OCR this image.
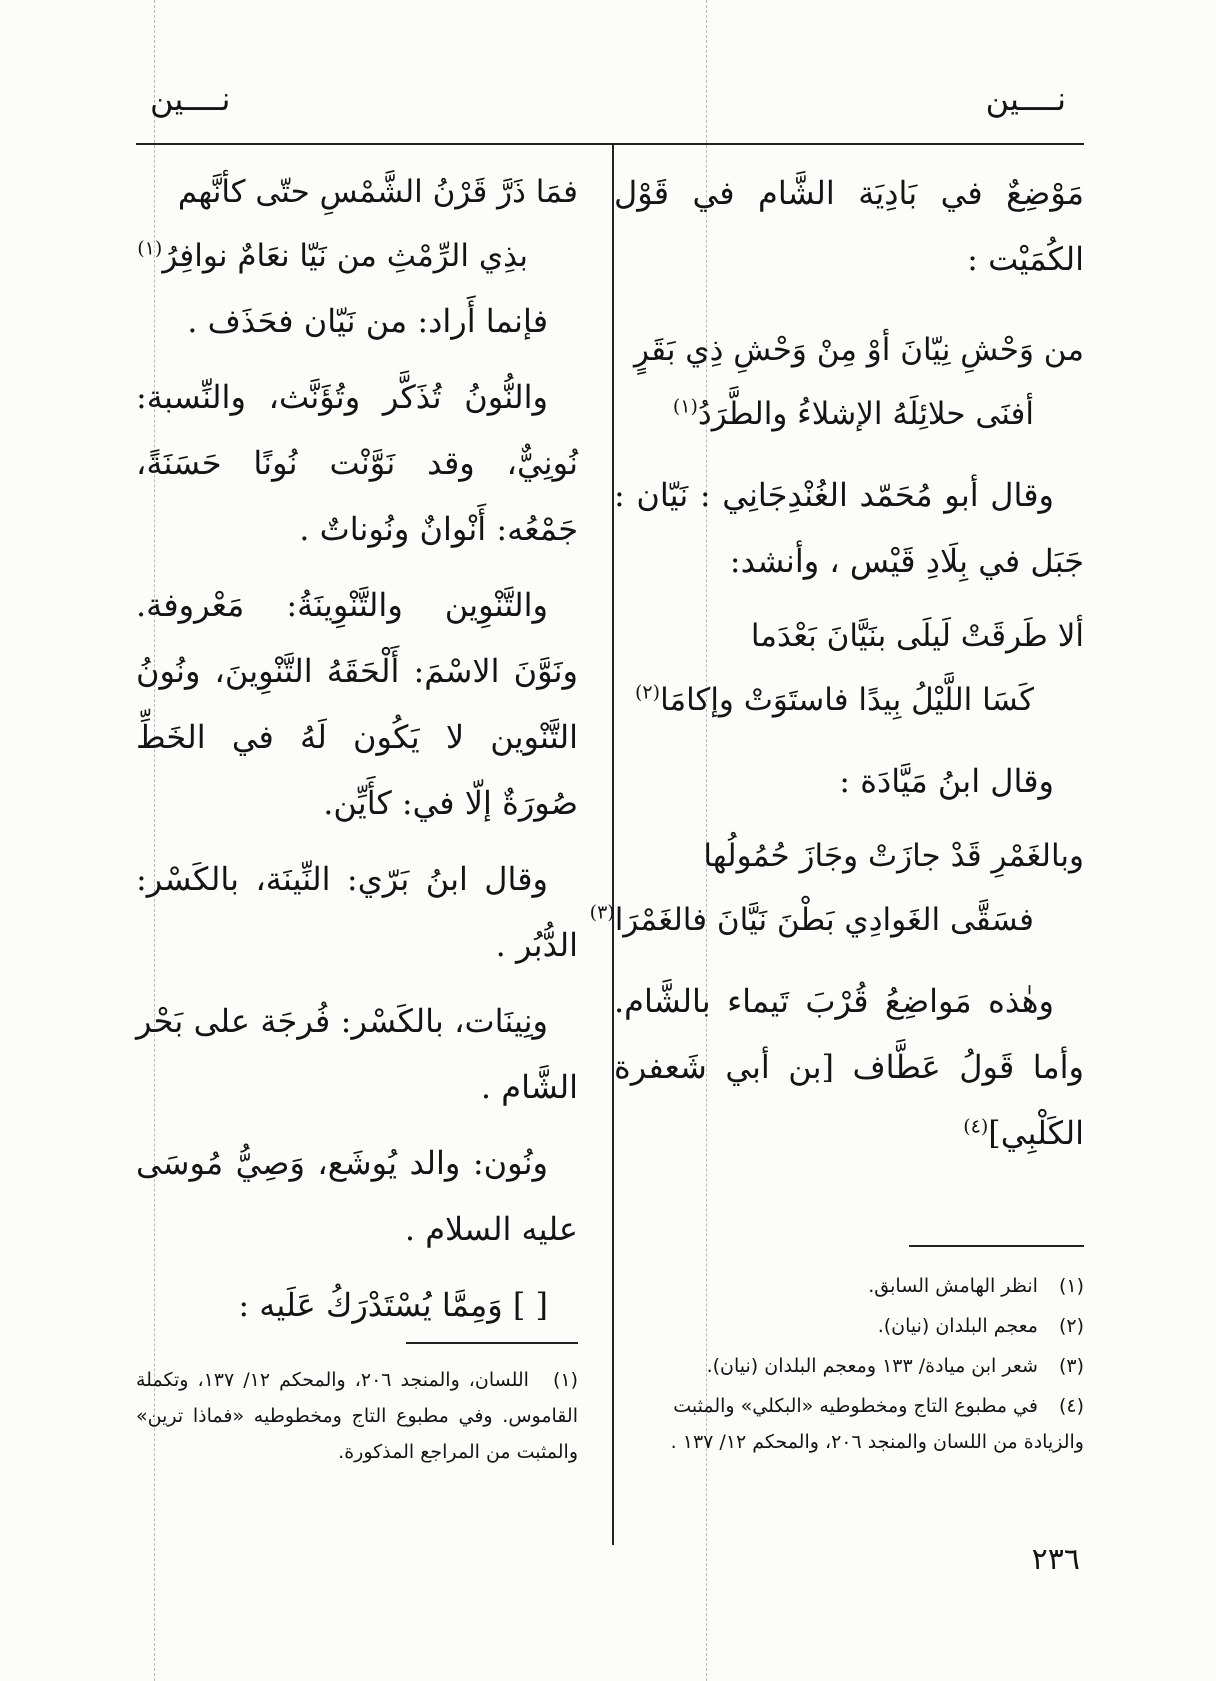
نــــين
نــــين

مَوْضِعٌ في بَادِيَة الشَّام في قَوْل الكُمَيْت :

من وَحْشِ نِيّانَ أوْ مِنْ وَحْشِ ذِي بَقَرٍ

أفنَى حلائِلَهُ الإشلاءُ والطَّرَدُ$^{(١)}$

وقال أبو مُحَمّد الغُنْدِجَانِي : نَيّان : جَبَل في بِلَادِ قَيْس ، وأنشد:

ألا طَرقَتْ لَيلَى بنَيَّانَ بَعْدَما

كَسَا اللَّيْلُ بِيدًا فاستَوَتْ وإكامَا$^{(٢)}$

وقال ابنُ مَيَّادَة :

وبالغَمْرِ قَدْ جازَتْ وجَازَ حُمُولُها

فسَقَّى الغَوادِي بَطْنَ نَيَّانَ فالغَمْرَا$^{(٣)}$

وهٰذه مَواضِعُ قُرْبَ تَيماء بالشَّام. وأما قَولُ عَطَّاف [بن أبي شَعفرة الكَلْبِي]$^{(٤)}$

فمَا ذَرَّ قَرْنُ الشَّمْسِ حتّى كأنَّهم

بذِي الرِّمْثِ من نَيّا نعَامٌ نوافِرُ$^{(١)}$

فإنما أَراد: من نَيّان فحَذَف .

والنُّونُ تُذَكَّر وتُؤَنَّث، والنِّسبة: نُونِيٌّ، وقد نَوَّنْت نُونًا حَسَنَةً، جَمْعُه: أَنْوانٌ ونُوناتٌ .

والتَّنْوِين والتَّنْوِينَةُ: مَعْروفة. ونَوَّنَ الاسْمَ: أَلْحَقَهُ التَّنْوِينَ، ونُونُ التَّنْوين لا يَكُون لَهُ في الخَطِّ صُورَةٌ إلّا في: كأَيِّن.

وقال ابنُ بَرّي: النِّينَة، بالكَسْر: الدُّبُر .

ونِينَات، بالكَسْر: فُرجَة على بَحْر الشَّام .

ونُون: والد يُوشَع، وَصِيُّ مُوسَى عليه السلام .

[ ] وَمِمَّا يُسْتَدْرَكُ عَلَيه :	(١) انظر الهامش السابق.
(٢) معجم البلدان (نيان).
(٣) شعر ابن ميادة/ ١٣٣ ومعجم البلدان (نيان).
(٤) في مطبوع التاج ومخطوطيه «البكلي» والمثبت والزيادة من اللسان والمنجد ٢٠٦، والمحكم ١٢/ ١٣٧ .
(١) اللسان، والمنجد ٢٠٦، والمحكم ١٢/ ١٣٧، وتكملة القاموس. وفي مطبوع التاج ومخطوطيه «فماذا ترين» والمثبت من المراجع المذكورة.
٢٣٦
